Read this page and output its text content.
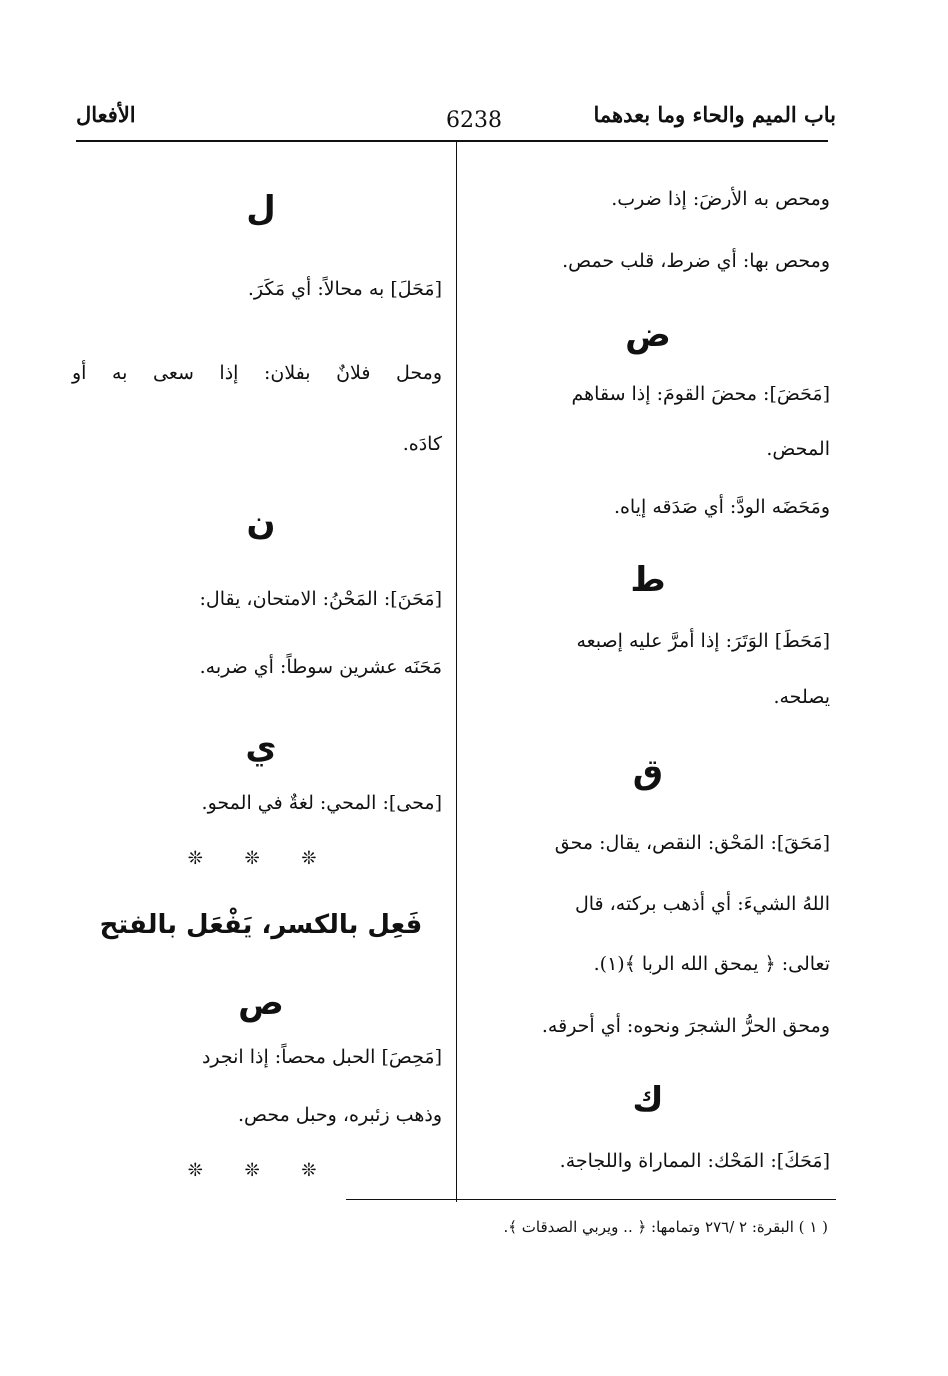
باب الميم والحاء وما بعدهما
6238
الأفعال
ومحص به الأرضَ: إذا ضرب.
ومحص بها: أي ضرط، قلب حمص.
ض
[مَحَضَ]: محضَ القومَ: إذا سقاهم
المحض.
ومَحَضَه الودَّ: أي صَدَقه إياه.
ط
[مَحَطَ] الوَتَرَ: إذا أمرَّ عليه إصبعه
يصلحه.
ق
[مَحَقَ]: المَحْق: النقص، يقال: محق
اللهُ الشيءَ: أي أذهب بركته، قال
تعالى: ﴿ يمحق الله الربا ﴾(١).
ومحق الحرُّ الشجرَ ونحوه: أي أحرقه.
ك
[مَحَكَ]: المَحْك: المماراة واللجاجة.
ل
[مَحَلَ] به محالاً: أي مَكَرَ.
ومحل فلانٌ بفلان: إذا سعى به أو
كادَه.
ن
[مَحَنَ]: المَحْنُ: الامتحان، يقال:
مَحَنَه عشرين سوطاً: أي ضربه.
ي
[محى]: المحي: لغةٌ في المحو.
❊ ❊ ❊
فَعِل بالكسر، يَفْعَل بالفتح
ص
[مَحِصَ] الحبل محصاً: إذا انجرد
وذهب زئبره، وحبل محص.
❊ ❊ ❊
( ١ ) البقرة: ٢ /٢٧٦ وتمامها: ﴿ .. ويربي الصدقات ﴾.
